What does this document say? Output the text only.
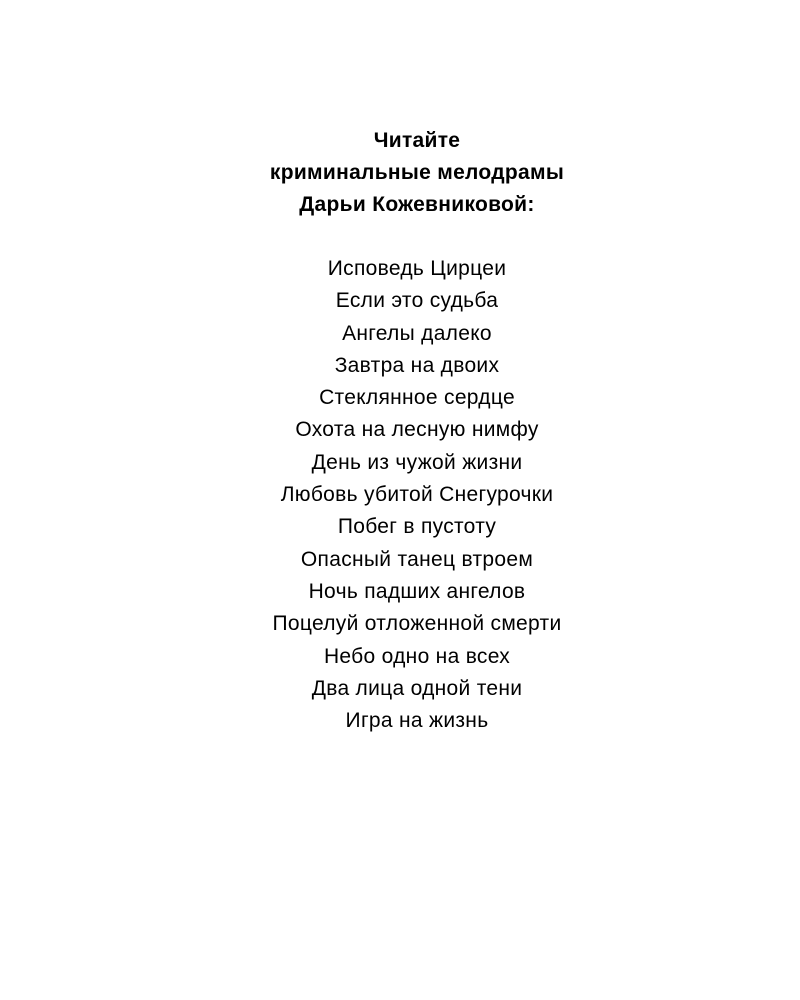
Читайте
криминальные мелодрамы
Дарьи Кожевниковой:
Исповедь Цирцеи
Если это судьба
Ангелы далеко
Завтра на двоих
Стеклянное сердце
Охота на лесную нимфу
День из чужой жизни
Любовь убитой Снегурочки
Побег в пустоту
Опасный танец втроем
Ночь падших ангелов
Поцелуй отложенной смерти
Небо одно на всех
Два лица одной тени
Игра на жизнь
